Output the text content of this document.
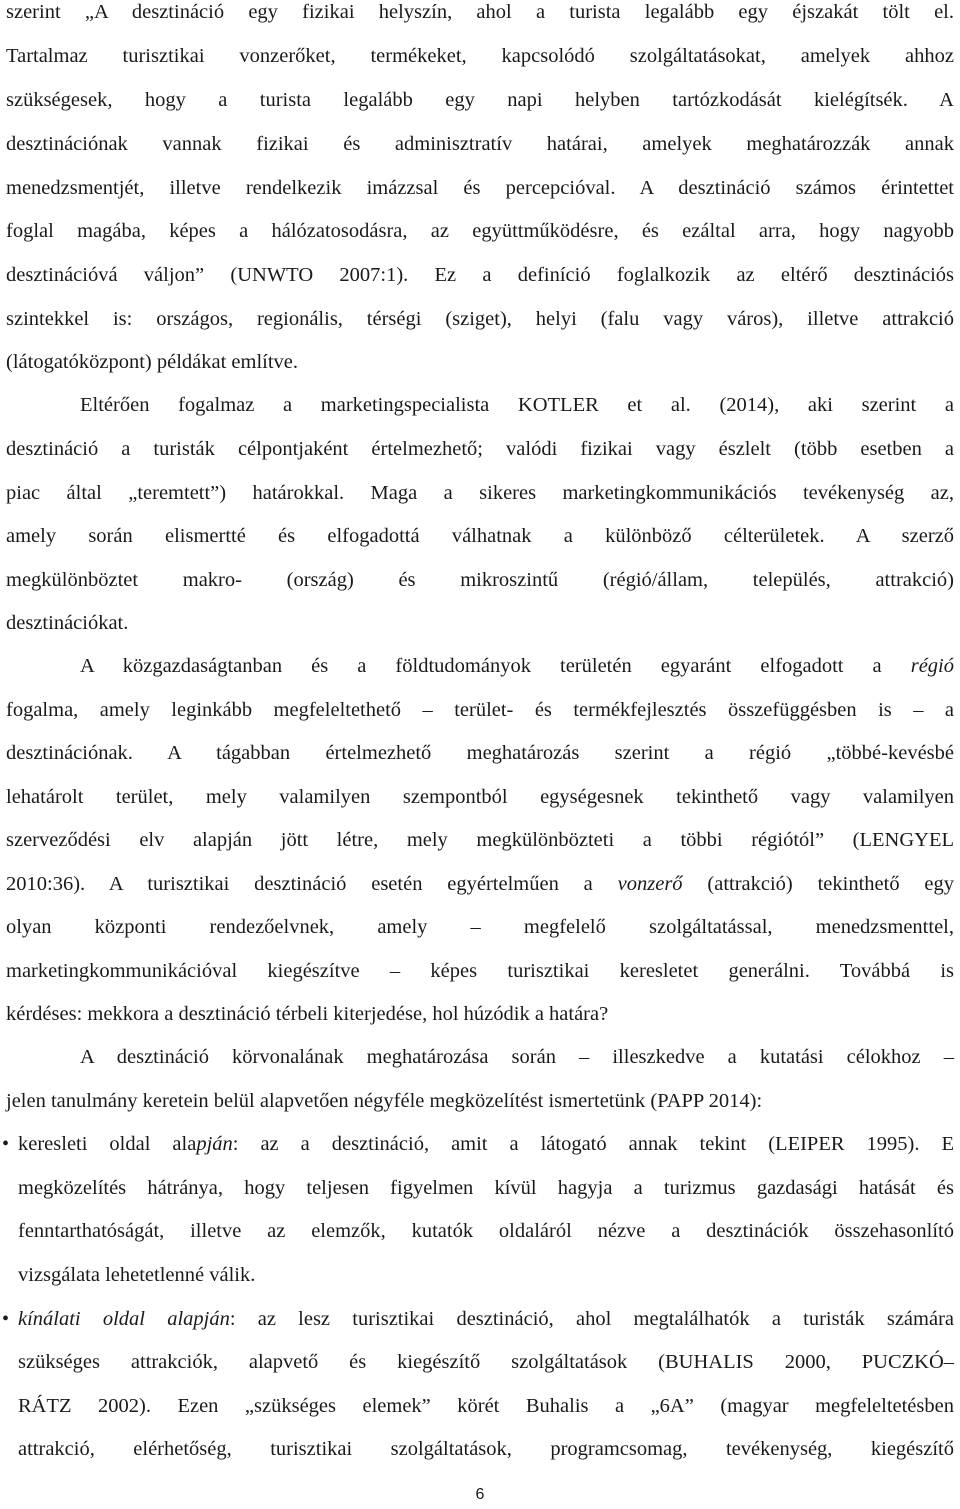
szerint „A desztináció egy fizikai helyszín, ahol a turista legalább egy éjszakát tölt el.
Tartalmaz turisztikai vonzerőket, termékeket, kapcsolódó szolgáltatásokat, amelyek ahhoz
szükségesek, hogy a turista legalább egy napi helyben tartózkodását kielégítsék. A
desztinációnak vannak fizikai és adminisztratív határai, amelyek meghatározzák annak
menedzsmentjét, illetve rendelkezik imázzsal és percepcióval. A desztináció számos érintettet
foglal magába, képes a hálózatosodásra, az együttműködésre, és ezáltal arra, hogy nagyobb
desztinációvá váljon” (UNWTO 2007:1). Ez a definíció foglalkozik az eltérő desztinációs
szintekkel is: országos, regionális, térségi (sziget), helyi (falu vagy város), illetve attrakció
(látogatóközpont) példákat említve.
Eltérően fogalmaz a marketingspecialista KOTLER et al. (2014), aki szerint a
desztináció a turisták célpontjaként értelmezhető; valódi fizikai vagy észlelt (több esetben a
piac által „teremtett”) határokkal. Maga a sikeres marketingkommunikációs tevékenység az,
amely során elismertté és elfogadottá válhatnak a különböző célterületek. A szerző
megkülönböztet makro- (ország) és mikroszintű (régió/állam, település, attrakció)
desztinációkat.
A közgazdaságtanban és a földtudományok területén egyaránt elfogadott a régió
fogalma, amely leginkább megfeleltethető – terület- és termékfejlesztés összefüggésben is – a
desztinációnak. A tágabban értelmezhető meghatározás szerint a régió „többé-kevésbé
lehatárolt terület, mely valamilyen szempontból egységesnek tekinthető vagy valamilyen
szerveződési elv alapján jött létre, mely megkülönbözteti a többi régiótól” (LENGYEL
2010:36). A turisztikai desztináció esetén egyértelműen a vonzerő (attrakció) tekinthető egy
olyan központi rendezőelvnek, amely – megfelelő szolgáltatással, menedzsmenttel,
marketingkommunikációval kiegészítve – képes turisztikai keresletet generálni. Továbbá is
kérdéses: mekkora a desztináció térbeli kiterjedése, hol húzódik a határa?
A desztináció körvonalának meghatározása során – illeszkedve a kutatási célokhoz –
jelen tanulmány keretein belül alapvetően négyféle megközelítést ismertetünk (PAPP 2014):
• keresleti oldal alapján: az a desztináció, amit a látogató annak tekint (LEIPER 1995). E
megközelítés hátránya, hogy teljesen figyelmen kívül hagyja a turizmus gazdasági hatását és
fenntarthatóságát, illetve az elemzők, kutatók oldaláról nézve a desztinációk összehasonlító
vizsgálata lehetetlenné válik.
• kínálati oldal alapján: az lesz turisztikai desztináció, ahol megtalálhatók a turisták számára
szükséges attrakciók, alapvető és kiegészítő szolgáltatások (BUHALIS 2000, PUCZKÓ–
RÁTZ 2002). Ezen „szükséges elemek” körét Buhalis a „6A” (magyar megfeleltetésben
attrakció, elérhetőség, turisztikai szolgáltatások, programcsomag, tevékenység, kiegészítő
6
